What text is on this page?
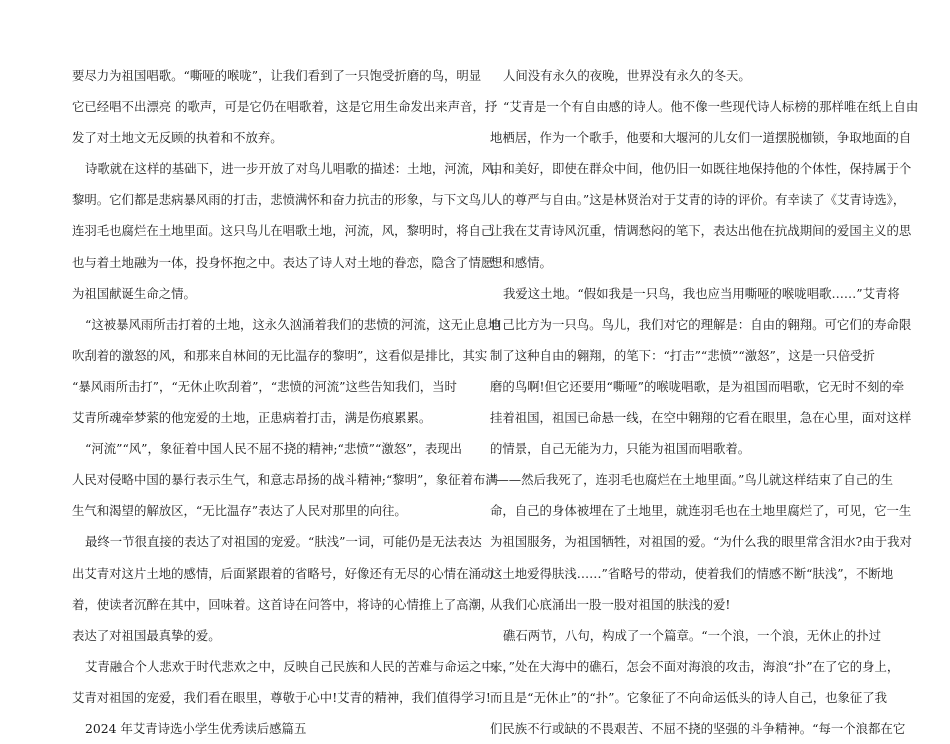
要尽力为祖国唱歌。“嘶哑的喉咙”，让我们看到了一只饱受折磨的鸟，明显
它已经唱不出漂亮 的歌声，可是它仍在唱歌着，这是它用生命发出来声音，抒
发了对土地文无反顾的执着和不放弃。
诗歌就在这样的基础下，进一步开放了对鸟儿唱歌的描述：土地，河流，风，
黎明。它们都是悲病暴风雨的打击，悲愤满怀和奋力抗击的形象，与下文鸟儿
连羽毛也腐烂在土地里面。这只鸟儿在唱歌土地，河流，风，黎明时，将自己
也与着土地融为一体，投身怀抱之中。表达了诗人对土地的眷恋，隐含了情愿
为祖国献诞生命之情。
“这被暴风雨所击打着的土地，这永久汹涌着我们的悲愤的河流，这无止息地
吹刮着的激怒的风，和那来自林间的无比温存的黎明”，这看似是排比，其实
“暴风雨所击打”，“无休止吹刮着”，“悲愤的河流”这些告知我们，当时
艾青所魂牵梦萦的他宠爱的土地，正患病着打击，满是伤痕累累。
“河流”“风”，象征着中国人民不屈不挠的精神;“悲愤”“激怒”，表现出
人民对侵略中国的暴行表示生气，和意志昂扬的战斗精神;“黎明”，象征着布满
生气和渴望的解放区，“无比温存”表达了人民对那里的向往。
最终一节很直接的表达了对祖国的宠爱。“肤浅”一词，可能仍是无法表达
出艾青对这片土地的感情，后面紧跟着的省略号，好像还有无尽的心情在涌动
着，使读者沉醉在其中，回味着。这首诗在问答中，将诗的心情推上了高潮，
表达了对祖国最真挚的爱。
艾青融合个人悲欢于时代悲欢之中，反映自己民族和人民的苦难与命运之中。
艾青对祖国的宠爱，我们看在眼里，尊敬于心中!艾青的精神，我们值得学习!
2024 年艾青诗选小学生优秀读后感篇五
人间没有永久的夜晚，世界没有永久的冬天。
“艾青是一个有自由感的诗人。他不像一些现代诗人标榜的那样唯在纸上自由
地栖居，作为一个歌手，他要和大堰河的儿女们一道摆脱枷锁，争取地面的自
由和美好，即使在群众中间，他仍旧一如既往地保持他的个体性，保持属于个
人的尊严与自由。”这是林贤治对于艾青的诗的评价。有幸读了《艾青诗选》，
让我在艾青诗风沉重，情调愁闷的笔下，表达出他在抗战期间的爱国主义的思
想和感情。
我爱这土地。“假如我是一只鸟，我也应当用嘶哑的喉咙唱歌……”艾青将
自己比方为一只鸟。鸟儿，我们对它的理解是：自由的翱翔。可它们的寿命限
制了这种自由的翱翔，的笔下：“打击”“悲愤”“激怒”，这是一只倍受折
磨的鸟啊!但它还要用“嘶哑”的喉咙唱歌，是为祖国而唱歌，它无时不刻的牵
挂着祖国，祖国已命悬一线，在空中翱翔的它看在眼里，急在心里，面对这样
的情景，自己无能为力，只能为祖国而唱歌着。
“——然后我死了，连羽毛也腐烂在土地里面。”鸟儿就这样结束了自己的生
命，自己的身体被埋在了土地里，就连羽毛也在土地里腐烂了，可见，它一生
为祖国服务，为祖国牺牲，对祖国的爱。“为什么我的眼里常含泪水?由于我对
这土地爱得肤浅……”省略号的带动，使着我们的情感不断“肤浅”，不断地
从我们心底涌出一股一股对祖国的肤浅的爱!
礁石两节，八句，构成了一个篇章。“一个浪，一个浪，无休止的扑过
来，”处在大海中的礁石，怎会不面对海浪的攻击，海浪“扑”在了它的身上，
而且是“无休止”的“扑”。它象征了不向命运低头的诗人自己，也象征了我
们民族不行或缺的不畏艰苦、不屈不挠的坚强的斗争精神。“每一个浪都在它
